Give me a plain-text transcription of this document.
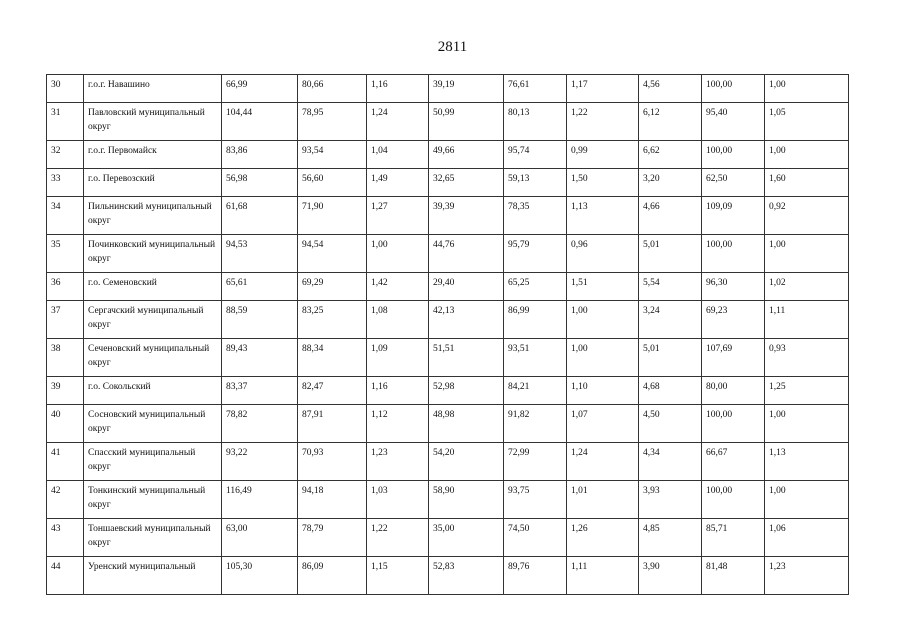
2811
30	г.о.г. Навашино	66,99	80,66	1,16	39,19	76,61	1,17	4,56	100,00	1,00
31	Павловский муниципальный округ	104,44	78,95	1,24	50,99	80,13	1,22	6,12	95,40	1,05
32	г.о.г. Первомайск	83,86	93,54	1,04	49,66	95,74	0,99	6,62	100,00	1,00
33	г.о. Перевозский	56,98	56,60	1,49	32,65	59,13	1,50	3,20	62,50	1,60
34	Пильнинский муниципальный округ	61,68	71,90	1,27	39,39	78,35	1,13	4,66	109,09	0,92
35	Починковский муниципальный округ	94,53	94,54	1,00	44,76	95,79	0,96	5,01	100,00	1,00
36	г.о. Семеновский	65,61	69,29	1,42	29,40	65,25	1,51	5,54	96,30	1,02
37	Сергачский муниципальный округ	88,59	83,25	1,08	42,13	86,99	1,00	3,24	69,23	1,11
38	Сеченовский муниципальный округ	89,43	88,34	1,09	51,51	93,51	1,00	5,01	107,69	0,93
39	г.о. Сокольский	83,37	82,47	1,16	52,98	84,21	1,10	4,68	80,00	1,25
40	Сосновский муниципальный округ	78,82	87,91	1,12	48,98	91,82	1,07	4,50	100,00	1,00
41	Спасский муниципальный округ	93,22	70,93	1,23	54,20	72,99	1,24	4,34	66,67	1,13
42	Тонкинский муниципальный округ	116,49	94,18	1,03	58,90	93,75	1,01	3,93	100,00	1,00
43	Тоншаевский муниципальный округ	63,00	78,79	1,22	35,00	74,50	1,26	4,85	85,71	1,06
44	Уренский муниципальный	105,30	86,09	1,15	52,83	89,76	1,11	3,90	81,48	1,23
